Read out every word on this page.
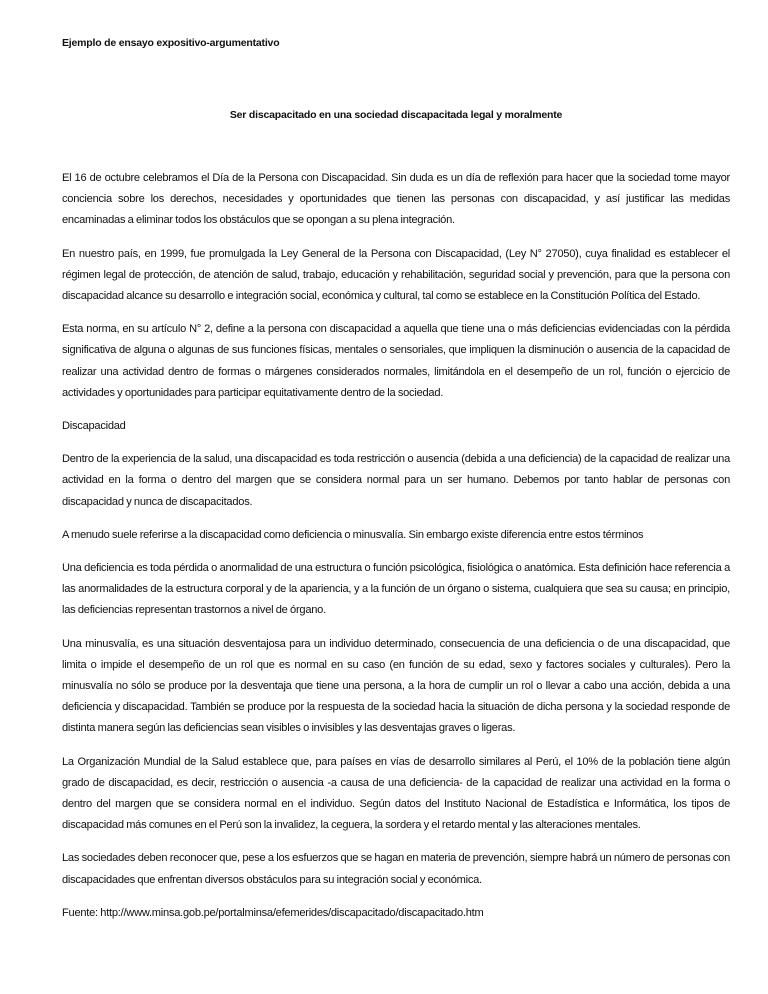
Ejemplo de ensayo expositivo-argumentativo
Ser discapacitado en una sociedad discapacitada legal y moralmente

El 16 de octubre celebramos el Día de la Persona con Discapacidad. Sin duda es un día de reflexión para hacer que la sociedad tome mayor conciencia sobre los derechos, necesidades y oportunidades que tienen las personas con discapacidad, y así justificar las medidas encaminadas a eliminar todos los obstáculos que se opongan a su plena integración.

En nuestro país, en 1999, fue promulgada la Ley General de la Persona con Discapacidad, (Ley N° 27050), cuya finalidad es establecer el régimen legal de protección, de atención de salud, trabajo, educación y rehabilitación, seguridad social y prevención, para que la persona con discapacidad alcance su desarrollo e integración social, económica y cultural, tal como se establece en la Constitución Política del Estado.

Esta norma, en su artículo N° 2, define a la persona con discapacidad a aquella que tiene una o más deficiencias evidenciadas con la pérdida significativa de alguna o algunas de sus funciones físicas, mentales o sensoriales, que impliquen la disminución o ausencia de la capacidad de realizar una actividad dentro de formas o márgenes considerados normales, limitándola en el desempeño de un rol, función o ejercicio de actividades y oportunidades para participar equitativamente dentro de la sociedad.

Discapacidad

Dentro de la experiencia de la salud, una discapacidad es toda restricción o ausencia (debida a una deficiencia) de la capacidad de realizar una actividad en la forma o dentro del margen que se considera normal para un ser humano. Debemos por tanto hablar de personas con discapacidad y nunca de discapacitados.

A menudo suele referirse a la discapacidad como deficiencia o minusvalía. Sin embargo existe diferencia entre estos términos

Una deficiencia es toda pérdida o anormalidad de una estructura o función psicológica, fisiológica o anatómica. Esta definición hace referencia a las anormalidades de la estructura corporal y de la apariencia, y a la función de un órgano o sistema, cualquiera que sea su causa; en principio, las deficiencias representan trastornos a nivel de órgano.

Una minusvalía, es una situación desventajosa para un individuo determinado, consecuencia de una deficiencia o de una discapacidad, que limita o impide el desempeño de un rol que es normal en su caso (en función de su edad, sexo y factores sociales y culturales). Pero la minusvalía no sólo se produce por la desventaja que tiene una persona, a la hora de cumplir un rol o llevar a cabo una acción, debida a una deficiencia y discapacidad. También se produce por la respuesta de la sociedad hacia la situación de dicha persona y la sociedad responde de distinta manera según las deficiencias sean visibles o invisibles y las desventajas graves o ligeras.

La Organización Mundial de la Salud establece que, para países en vías de desarrollo similares al Perú, el 10% de la población tiene algún grado de discapacidad, es decir, restricción o ausencia -a causa de una deficiencia- de la capacidad de realizar una actividad en la forma o dentro del margen que se considera normal en el individuo. Según datos del Instituto Nacional de Estadística e Informática, los tipos de discapacidad más comunes en el Perú son la invalidez, la ceguera, la sordera y el retardo mental y las alteraciones mentales.

Las sociedades deben reconocer que, pese a los esfuerzos que se hagan en materia de prevención, siempre habrá un número de personas con discapacidades que enfrentan diversos obstáculos para su integración social y económica.

Fuente: http://www.minsa.gob.pe/portalminsa/efemerides/discapacitado/discapacitado.htm
